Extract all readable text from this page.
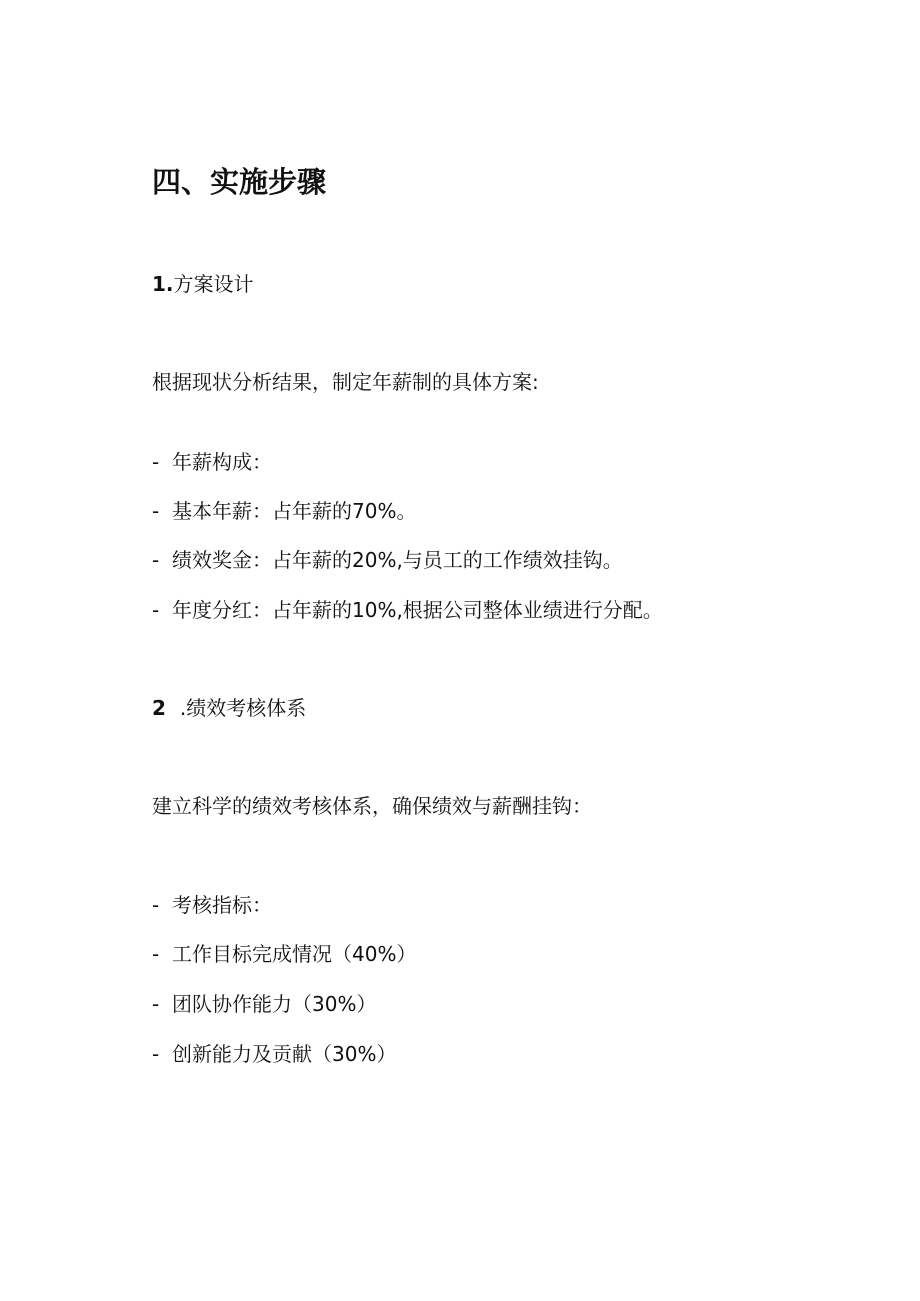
四、实施步骤
1.方案设计
根据现状分析结果，制定年薪制的具体方案:
- 年薪构成：
- 基本年薪：占年薪的70%。
- 绩效奖金：占年薪的20%,与员工的工作绩效挂钩。
- 年度分红：占年薪的10%,根据公司整体业绩进行分配。
2 .绩效考核体系
建立科学的绩效考核体系，确保绩效与薪酬挂钩：
- 考核指标：
- 工作目标完成情况（40%）
- 团队协作能力（30%）
- 创新能力及贡献（30%）
